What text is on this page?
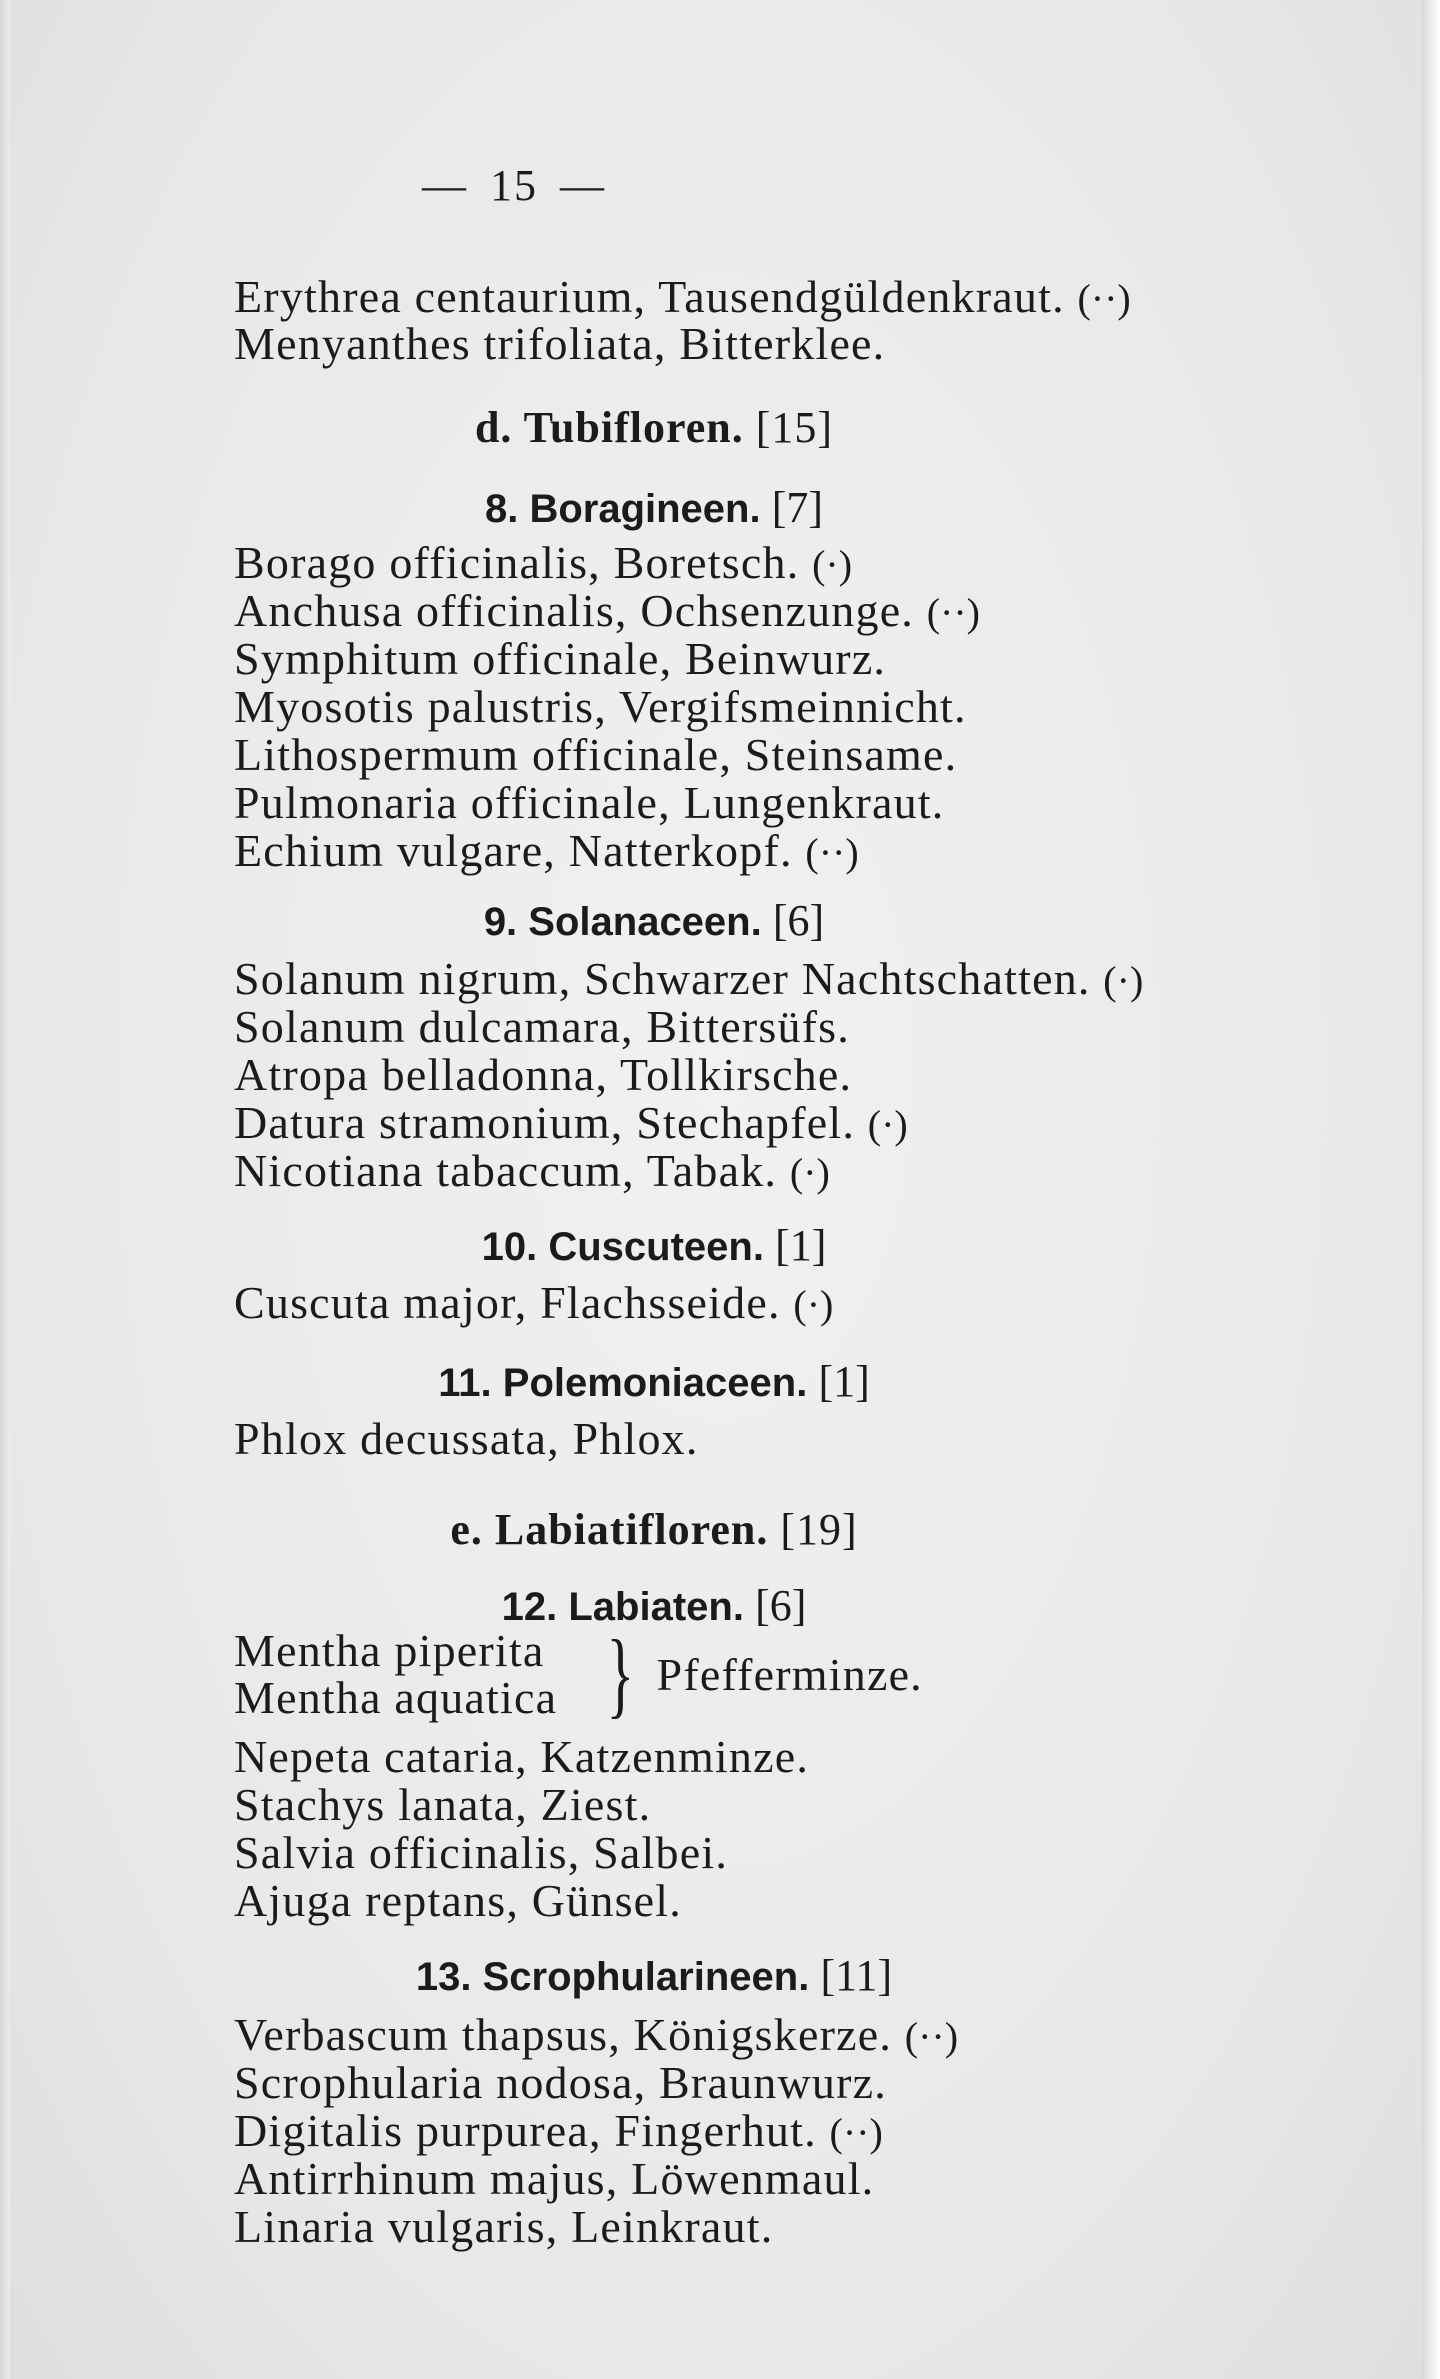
— 15 —
Erythrea centaurium, Tausendgüldenkraut. (··)
Menyanthes trifoliata, Bitterklee.
d. Tubifloren. [15]
8. Boragineen. [7]
Borago officinalis, Boretsch. (·)
Anchusa officinalis, Ochsenzunge. (··)
Symphitum officinale, Beinwurz.
Myosotis palustris, Vergifsmeinnicht.
Lithospermum officinale, Steinsame.
Pulmonaria officinale, Lungenkraut.
Echium vulgare, Natterkopf. (··)
9. Solanaceen. [6]
Solanum nigrum, Schwarzer Nachtschatten. (·)
Solanum dulcamara, Bittersüfs.
Atropa belladonna, Tollkirsche.
Datura stramonium, Stechapfel. (·)
Nicotiana tabaccum, Tabak. (·)
10. Cuscuteen. [1]
Cuscuta major, Flachsseide. (·)
11. Polemoniaceen. [1]
Phlox decussata, Phlox.
e. Labiatifloren. [19]
12. Labiaten. [6]
Mentha piperita
Mentha aquatica } Pfefferminze.
Nepeta cataria, Katzenminze.
Stachys lanata, Ziest.
Salvia officinalis, Salbei.
Ajuga reptans, Günsel.
13. Scrophularineen. [11]
Verbascum thapsus, Königskerze. (··)
Scrophularia nodosa, Braunwurz.
Digitalis purpurea, Fingerhut. (··)
Antirrhinum majus, Löwenmaul.
Linaria vulgaris, Leinkraut.
